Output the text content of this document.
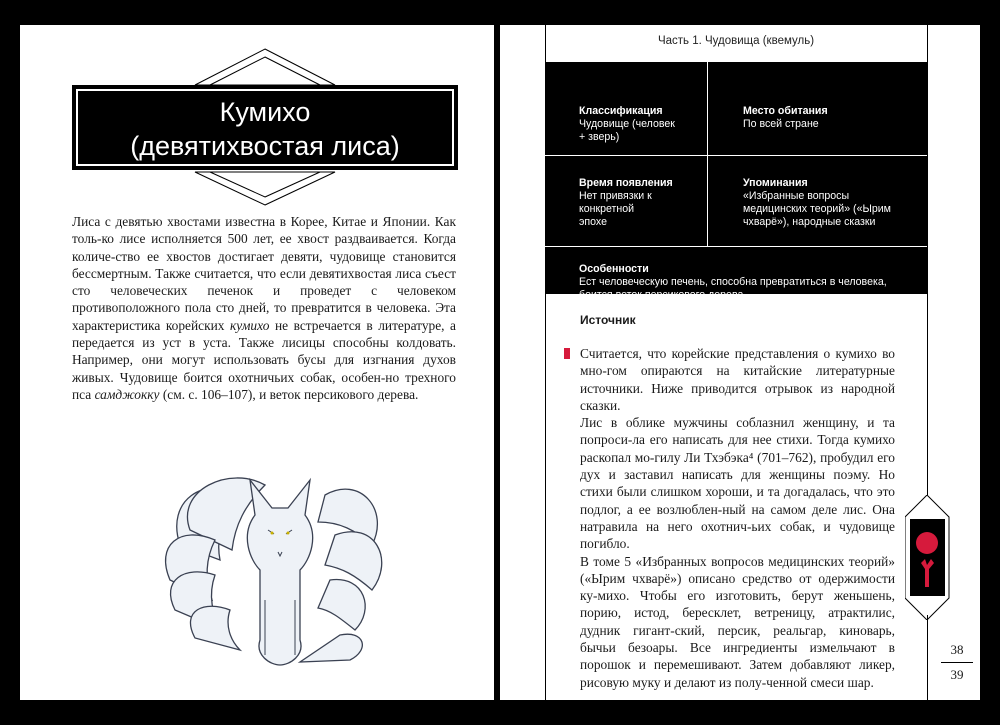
Кумихо
(девятихвостая лиса)

Лиса с девятью хвостами известна в Корее, Китае и Японии. Как толь-ко лисе исполняется 500 лет, ее хвост раздваивается. Когда количе-ство ее хвостов достигает девяти, чудовище становится бессмертным. Также считается, что если девятихвостая лиса съест сто человеческих печенок и проведет с человеком противоположного пола сто дней, то превратится в человека. Эта характеристика корейских кумихо не встречается в литературе, а передается из уст в уста. Также лисицы способны колдовать. Например, они могут использовать бусы для изгнания духов живых. Чудовище боится охотничьих собак, особен-но трехного пса самджокку (см. с. 106–107), и веток персикового дерева.

Часть 1. Чудовища (квемуль)
Классификация
Чудовище (человек + зверь)
Место обитания
По всей стране
Время появления
Нет привязки к конкретной эпохе
Упоминания
«Избранные вопросы медицинских теорий» («Ырим чхварё»), народные сказки
Особенности
Ест человеческую печень, способна превратиться в человека, боится веток персикового дерева
Источник

Считается, что корейские представления о кумихо во мно-гом опираются на китайские литературные источники. Ниже приводится отрывок из народной сказки.

Лис в облике мужчины соблазнил женщину, и та попроси-ла его написать для нее стихи. Тогда кумихо раскопал мо-гилу Ли Тхэбэка⁴ (701–762), пробудил его дух и заставил написать для женщины поэму. Но стихи были слишком хороши, и та догадалась, что это подлог, а ее возлюблен-ный на самом деле лис. Она натравила на него охотнич-ьих собак, и чудовище погибло.

В томе 5 «Избранных вопросов медицинских теорий» («Ырим чхварё») описано средство от одержимости ку-михо. Чтобы его изготовить, берут женьшень, порию, истод, бересклет, ветреницу, атрактилис, дудник гигант-ский, персик, реальгар, киноварь, бычьи безоары. Все ингредиенты измельчают в порошок и перемешивают. Затем добавляют ликер, рисовую муку и делают из полу-ченной смеси шар.

38
39
